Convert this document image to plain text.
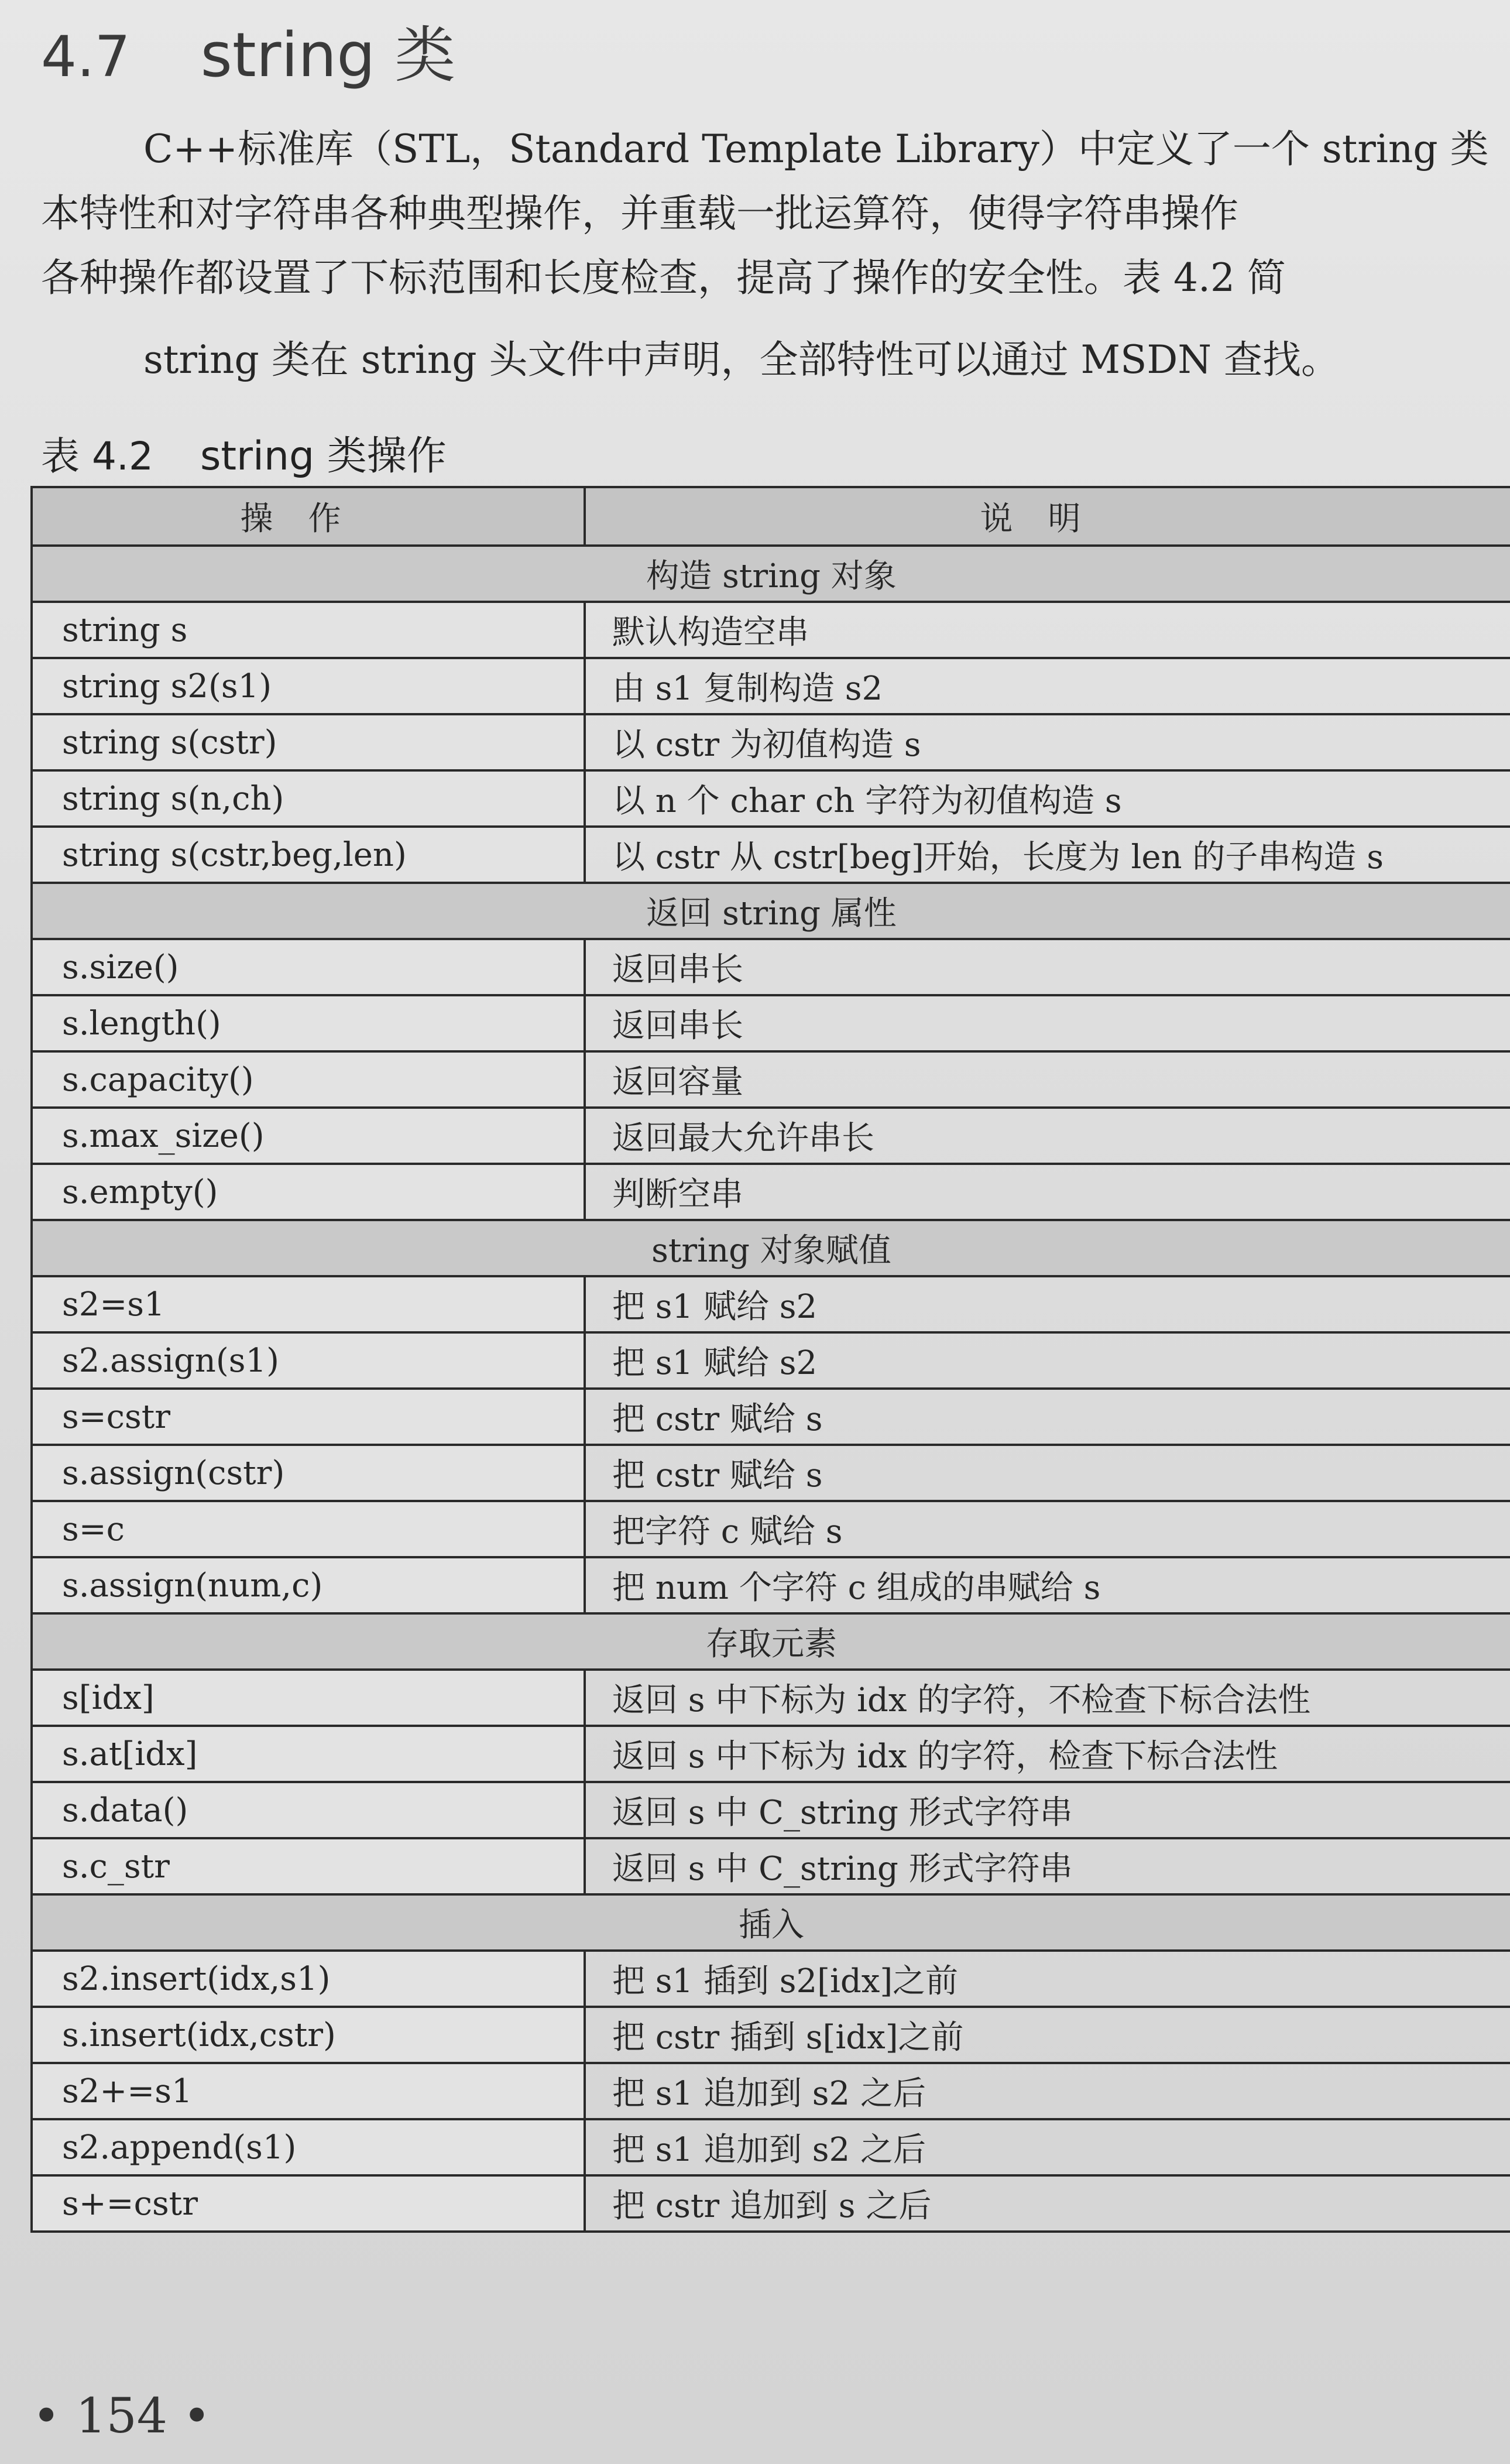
4.7 string 类
C++标准库（STL，Standard Template Library）中定义了一个 string 类
本特性和对字符串各种典型操作，并重载一批运算符，使得字符串操作
各种操作都设置了下标范围和长度检查，提高了操作的安全性。表 4.2 简
string 类在 string 头文件中声明，全部特性可以通过 MSDN 查找。
表 4.2 string 类操作
操作	说明
构造 string 对象	
string s	默认构造空串
string s2(s1)	由 s1 复制构造 s2
string s(cstr)	以 cstr 为初值构造 s
string s(n,ch)	以 n 个 char ch 字符为初值构造 s
string s(cstr,beg,len)	以 cstr 从 cstr[beg]开始，长度为 len 的子串构造 s
返回 string 属性	
s.size()	返回串长
s.length()	返回串长
s.capacity()	返回容量
s.max_size()	返回最大允许串长
s.empty()	判断空串
string 对象赋值	
s2=s1	把 s1 赋给 s2
s2.assign(s1)	把 s1 赋给 s2
s=cstr	把 cstr 赋给 s
s.assign(cstr)	把 cstr 赋给 s
s=c	把字符 c 赋给 s
s.assign(num,c)	把 num 个字符 c 组成的串赋给 s
存取元素	
s[idx]	返回 s 中下标为 idx 的字符，不检查下标合法性
s.at[idx]	返回 s 中下标为 idx 的字符，检查下标合法性
s.data()	返回 s 中 C_string 形式字符串
s.c_str	返回 s 中 C_string 形式字符串
插入	
s2.insert(idx,s1)	把 s1 插到 s2[idx]之前
s.insert(idx,cstr)	把 cstr 插到 s[idx]之前
s2+=s1	把 s1 追加到 s2 之后
s2.append(s1)	把 s1 追加到 s2 之后
s+=cstr	把 cstr 追加到 s 之后
• 154 •
